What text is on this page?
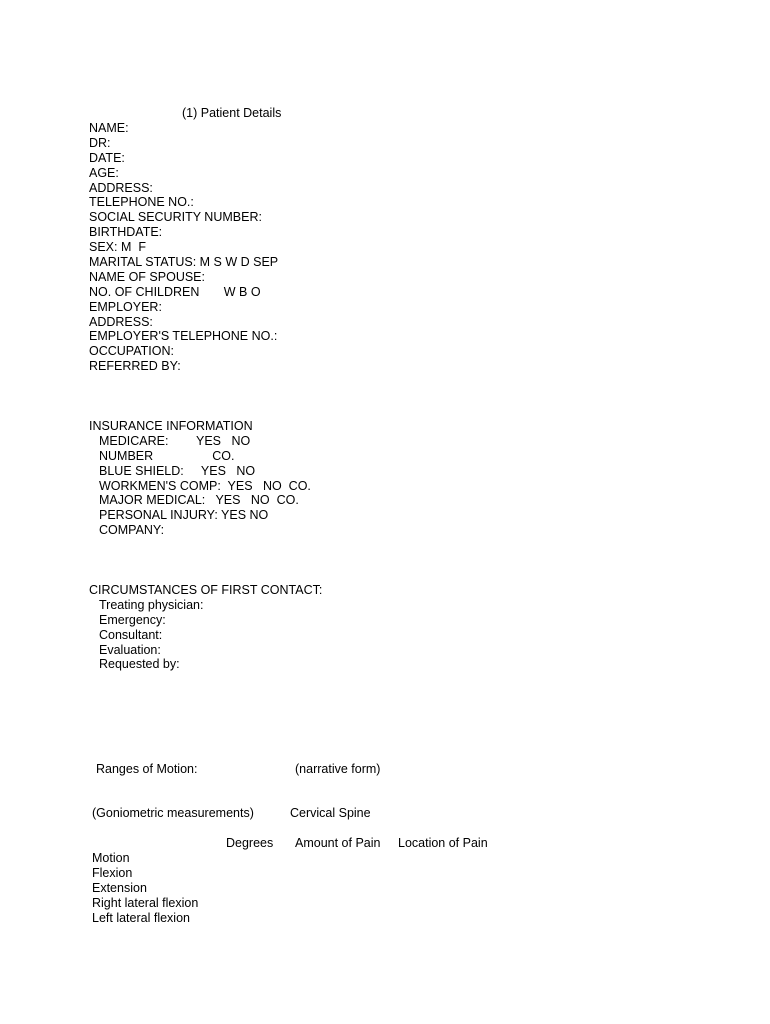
(1) Patient Details
NAME:
DR:
DATE:
AGE:
ADDRESS:
TELEPHONE NO.:
SOCIAL SECURITY NUMBER:
BIRTHDATE:
SEX: M  F
MARITAL STATUS: M S W D SEP
NAME OF SPOUSE:
NO. OF CHILDREN       W B O
EMPLOYER:
ADDRESS:
EMPLOYER'S TELEPHONE NO.:
OCCUPATION:
REFERRED BY:
INSURANCE INFORMATION
MEDICARE:        YES   NO
NUMBER                 CO.
BLUE SHIELD:     YES   NO
WORKMEN'S COMP:  YES   NO  CO.
MAJOR MEDICAL:   YES   NO  CO.
PERSONAL INJURY: YES NO
COMPANY:
CIRCUMSTANCES OF FIRST CONTACT:
Treating physician:
Emergency:
Consultant:
Evaluation:
Requested by:
Ranges of Motion:	(narrative form)
(Goniometric measurements)	Cervical Spine
Degrees Amount of Pain Location of Pain
Motion
Flexion
Extension
Right lateral flexion
Left lateral flexion
